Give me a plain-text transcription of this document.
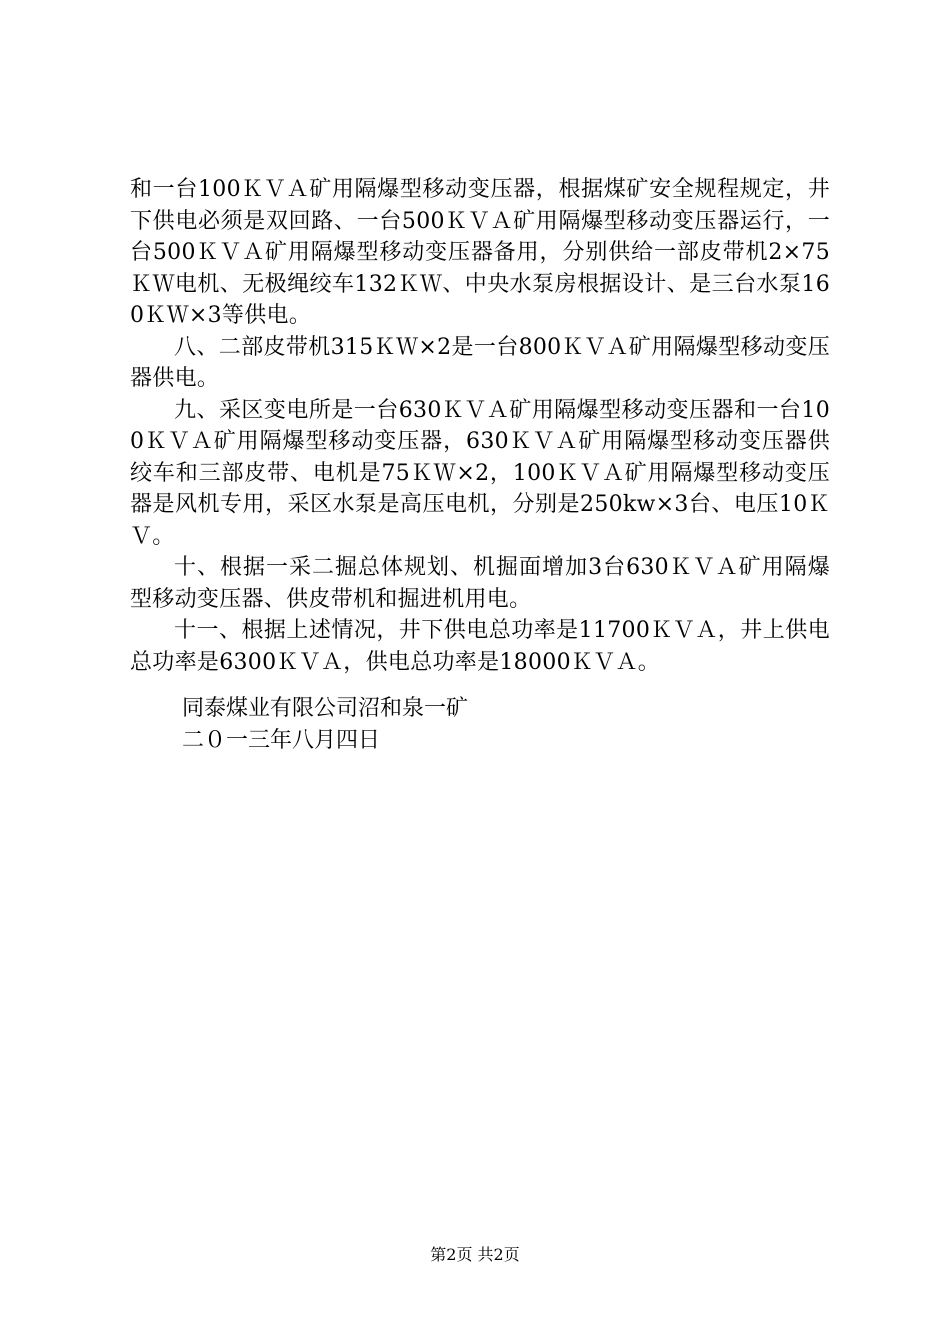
和一台100ＫＶＡ矿用隔爆型移动变压器，根据煤矿安全规程规定，井下供电必须是双回路、一台500ＫＶＡ矿用隔爆型移动变压器运行，一台500ＫＶＡ矿用隔爆型移动变压器备用，分别供给一部皮带机2×75ＫＷ电机、无极绳绞车132ＫＷ、中央水泵房根据设计、是三台水泵160ＫＷ×3等供电。

八、二部皮带机315ＫＷ×2是一台800ＫＶＡ矿用隔爆型移动变压器供电。

九、采区变电所是一台630ＫＶＡ矿用隔爆型移动变压器和一台100ＫＶＡ矿用隔爆型移动变压器，630ＫＶＡ矿用隔爆型移动变压器供绞车和三部皮带、电机是75ＫＷ×2，100ＫＶＡ矿用隔爆型移动变压器是风机专用，采区水泵是高压电机，分别是250kw×3台、电压10ＫＶ。

十、根据一采二掘总体规划、机掘面增加3台630ＫＶＡ矿用隔爆型移动变压器、供皮带机和掘进机用电。

十一、根据上述情况，井下供电总功率是11700ＫＶＡ，井上供电总功率是6300ＫＶＡ，供电总功率是18000ＫＶＡ。

同泰煤业有限公司沼和泉一矿
二０一三年八月四日
第2页 共2页
